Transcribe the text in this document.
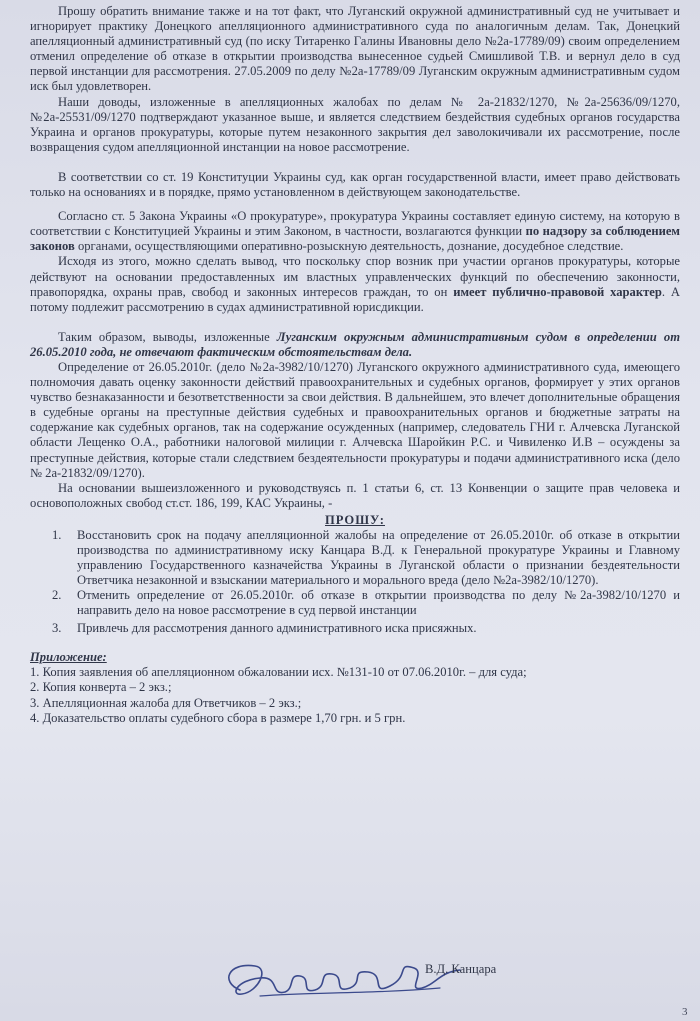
Прошу обратить внимание также и на тот факт, что Луганский окружной административный суд не учитывает и игнорирует практику Донецкого апелляционного административного суда по аналогичным делам. Так, Донецкий апелляционный административный суд (по иску Титаренко Галины Ивановны дело №2а-17789/09) своим определением отменил определение об отказе в открытии производства вынесенное судьей Смишливой Т.В. и вернул дело в суд первой инстанции для рассмотрения. 27.05.2009 по делу №2а-17789/09 Луганским окружным административным судом иск был удовлетворен.

Наши доводы, изложенные в апелляционных жалобах по делам № 2а-21832/1270, №2а-25636/09/1270, №2а-25531/09/1270 подтверждают указанное выше, и является следствием бездействия судебных органов государства Украина и органов прокуратуры, которые путем незаконного закрытия дел заволокичивали их рассмотрение, после возвращения судом апелляционной инстанции на новое рассмотрение.

В соответствии со ст. 19 Конституции Украины суд, как орган государственной власти, имеет право действовать только на основаниях и в порядке, прямо установленном в действующем законодательстве.

Согласно ст. 5 Закона Украины «О прокуратуре», прокуратура Украины составляет единую систему, на которую в соответствии с Конституцией Украины и этим Законом, в частности, возлагаются функции по надзору за соблюдением законов органами, осуществляющими оперативно-розыскную деятельность, дознание, досудебное следствие.

Исходя из этого, можно сделать вывод, что поскольку спор возник при участии органов прокуратуры, которые действуют на основании предоставленных им властных управленческих функций по обеспечению законности, правопорядка, охраны прав, свобод и законных интересов граждан, то он имеет публично-правовой характер. А потому подлежит рассмотрению в судах административной юрисдикции.

Таким образом, выводы, изложенные Луганским окружным административным судом в определении от 26.05.2010 года, не отвечают фактическим обстоятельствам дела.

Определение от 26.05.2010г. (дело №2а-3982/10/1270) Луганского окружного административного суда, имеющего полномочия давать оценку законности действий правоохранительных и судебных органов, формирует у этих органов чувство безнаказанности и безответственности за свои действия. В дальнейшем, это влечет дополнительные обращения в судебные органы на преступные действия судебных и правоохранительных органов и бюджетные затраты на содержание как судебных органов, так на содержание осужденных (например, следователь ГНИ г. Алчевска Луганской области Лещенко О.А., работники налоговой милиции г. Алчевска Шаройкин Р.С. и Чивиленко И.В – осуждены за преступные действия, которые стали следствием бездеятельности прокуратуры и подачи административного иска (дело № 2а-21832/09/1270).

На основании вышеизложенного и руководствуясь п. 1 статьи 6, ст. 13 Конвенции о защите прав человека и основоположных свобод ст.ст. 186, 199, КАС Украины, -

ПРОШУ:

1. Восстановить срок на подачу апелляционной жалобы на определение от 26.05.2010г. об отказе в открытии производства по административному иску Канцара В.Д. к Генеральной прокуратуре Украины и Главному управлению Государственного казначейства Украины в Луганской области о признании бездеятельности Ответчика незаконной и взыскании материального и морального вреда (дело №2а-3982/10/1270).
2. Отменить определение от 26.05.2010г. об отказе в открытии производства по делу №2а-3982/10/1270 и направить дело на новое рассмотрение в суд первой инстанции
3. Привлечь для рассмотрения данного административного иска присяжных.

Приложение:

1. Копия заявления об апелляционном обжаловании исх. №131-10 от 07.06.2010г. – для суда;

2. Копия конверта – 2 экз.;

3. Апелляционная жалоба для Ответчиков – 2 экз.;

4. Доказательство оплаты судебного сбора в размере 1,70 грн. и 5 грн.

В.Д. Канцара
3
